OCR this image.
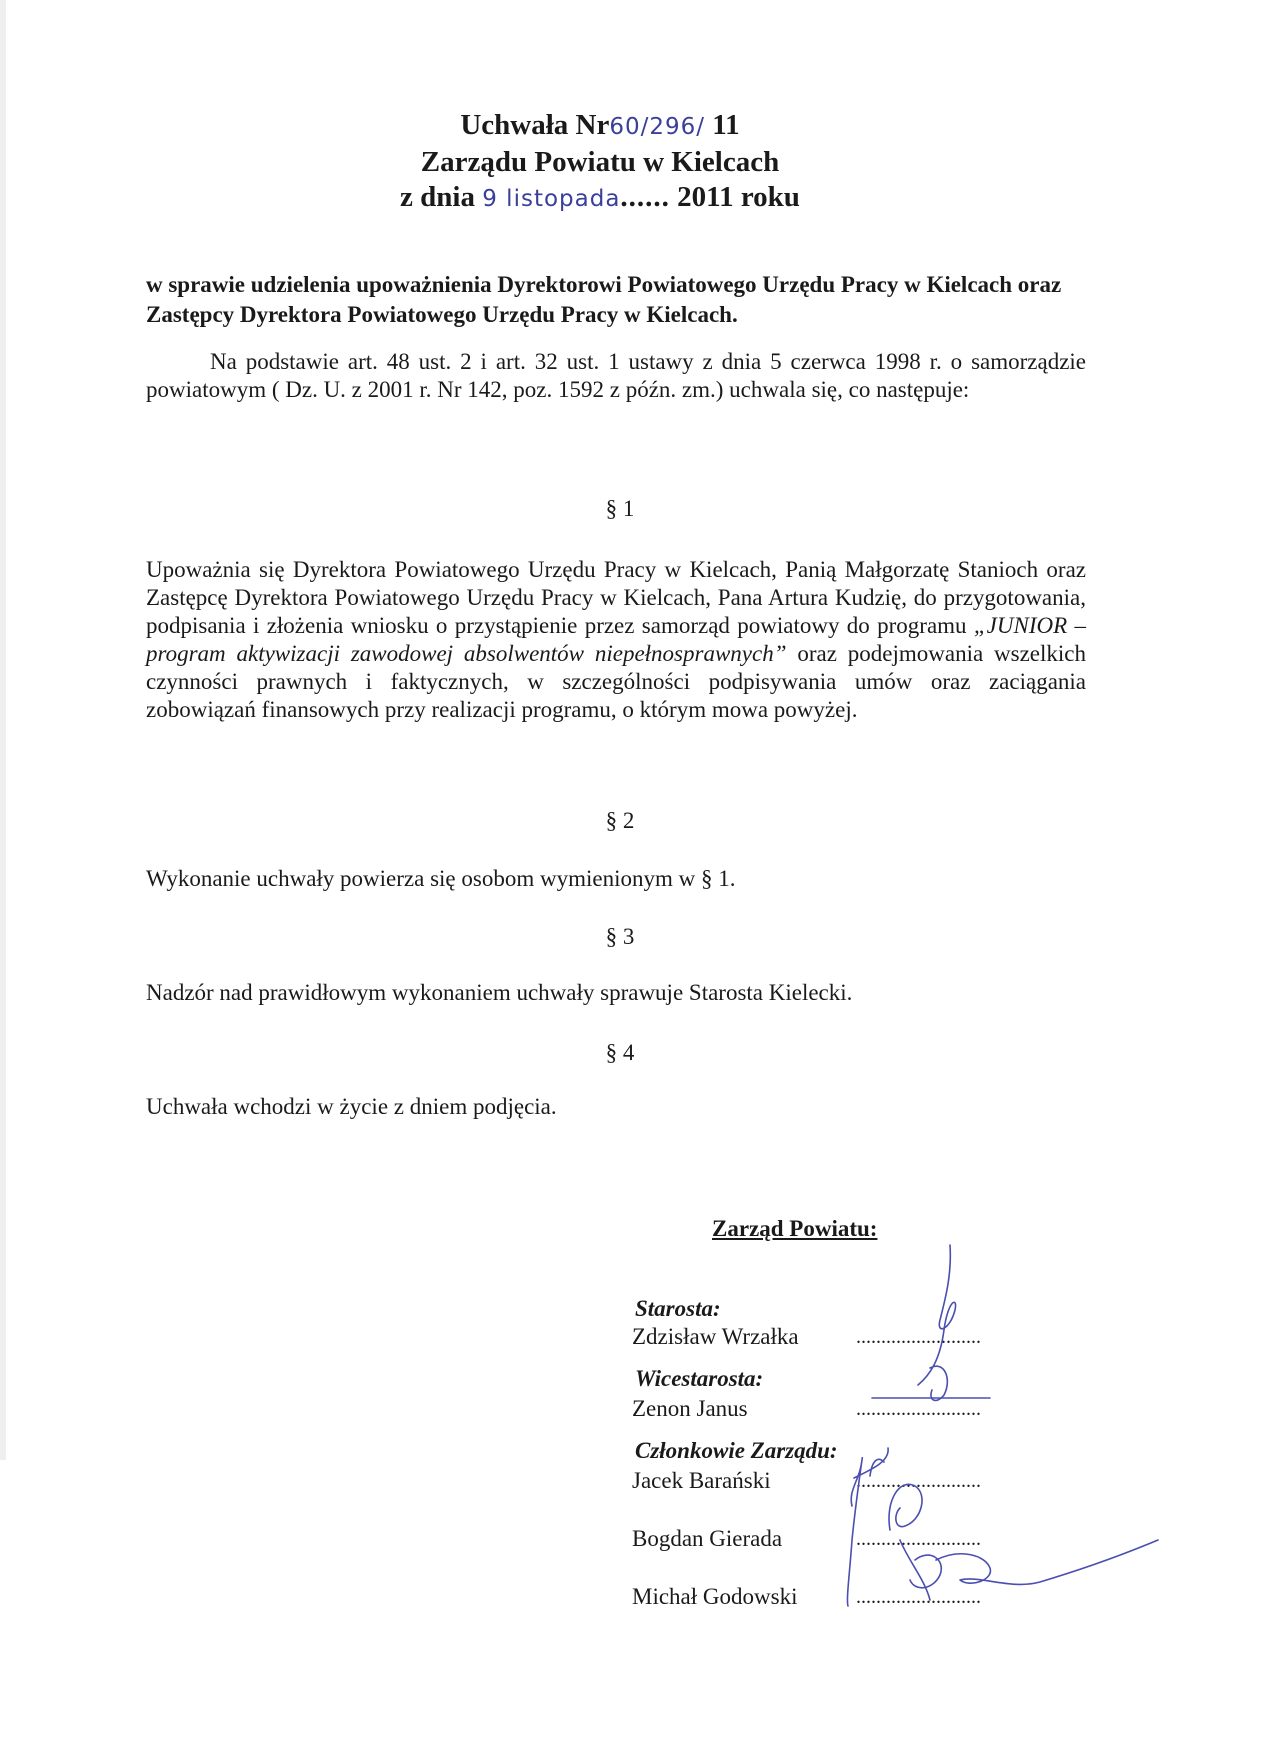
Uchwała Nr60/296/ 11
Zarządu Powiatu w Kielcach
z dnia 9 listopada...... 2011 roku
w sprawie udzielenia upoważnienia Dyrektorowi Powiatowego Urzędu Pracy w Kielcach oraz Zastępcy Dyrektora Powiatowego Urzędu Pracy w Kielcach.
Na podstawie art. 48 ust. 2 i art. 32 ust. 1 ustawy z dnia 5 czerwca 1998 r. o samorządzie powiatowym ( Dz. U. z 2001 r. Nr 142, poz. 1592 z późn. zm.) uchwala się, co następuje:
§ 1
Upoważnia się Dyrektora Powiatowego Urzędu Pracy w Kielcach, Panią Małgorzatę Stanioch oraz Zastępcę Dyrektora Powiatowego Urzędu Pracy w Kielcach, Pana Artura Kudzię, do przygotowania, podpisania i złożenia wniosku o przystąpienie przez samorząd powiatowy do programu „JUNIOR – program aktywizacji zawodowej absolwentów niepełnosprawnych” oraz podejmowania wszelkich czynności prawnych i faktycznych, w szczególności podpisywania umów oraz zaciągania zobowiązań finansowych przy realizacji programu, o którym mowa powyżej.
§ 2
Wykonanie uchwały powierza się osobom wymienionym w § 1.
§ 3
Nadzór nad prawidłowym wykonaniem uchwały sprawuje Starosta Kielecki.
§ 4
Uchwała wchodzi w życie z dniem podjęcia.
Zarząd Powiatu:
Starosta:
Zdzisław Wrzałka	.........................
Wicestarosta:
Zenon Janus	.........................
Członkowie Zarządu:
Jacek Barański	.........................
Bogdan Gierada	.........................
Michał Godowski	.........................
